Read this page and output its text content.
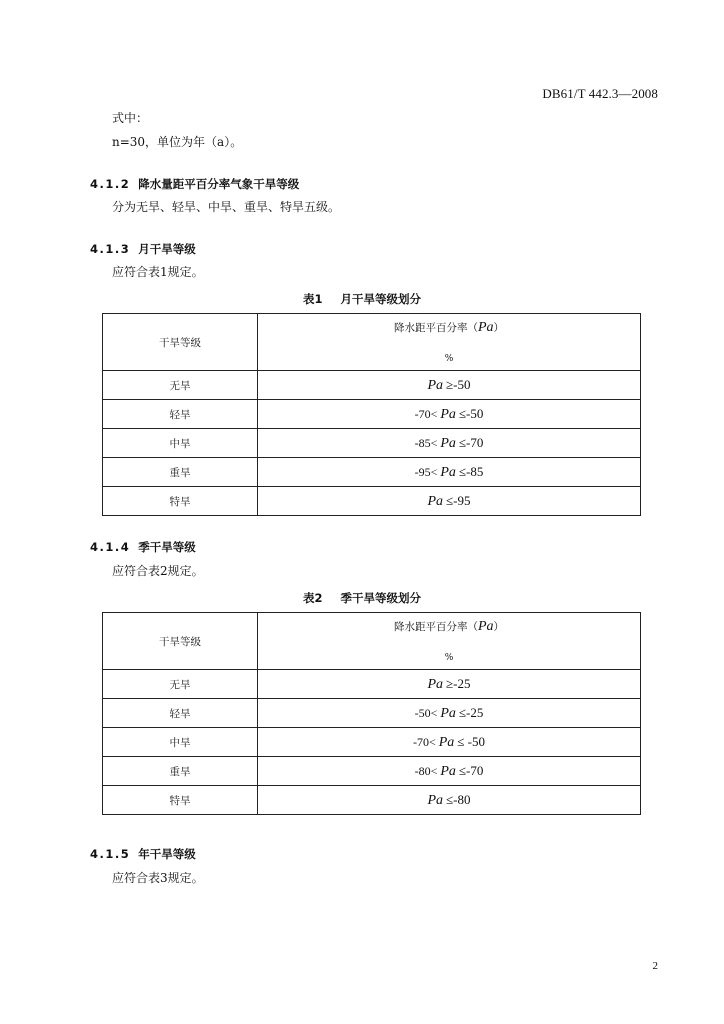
DB61/T 442.3—2008
式中：
n=30，单位为年（a）。
4.1.2 降水量距平百分率气象干旱等级
分为无旱、轻旱、中旱、重旱、特旱五级。
4.1.3 月干旱等级
应符合表1规定。
表1 月干旱等级划分
干旱等级	降水距平百分率（Pa）
%

无旱	Pa ≥-50
轻旱	-70< Pa ≤-50
中旱	-85< Pa ≤-70
重旱	-95< Pa ≤-85
特旱	Pa ≤-95
4.1.4 季干旱等级
应符合表2规定。
表2 季干旱等级划分
干旱等级	降水距平百分率（Pa）
%

无旱	Pa ≥-25
轻旱	-50< Pa ≤-25
中旱	-70< Pa ≤ -50
重旱	-80< Pa ≤-70
特旱	Pa ≤-80
4.1.5 年干旱等级
应符合表3规定。
2
